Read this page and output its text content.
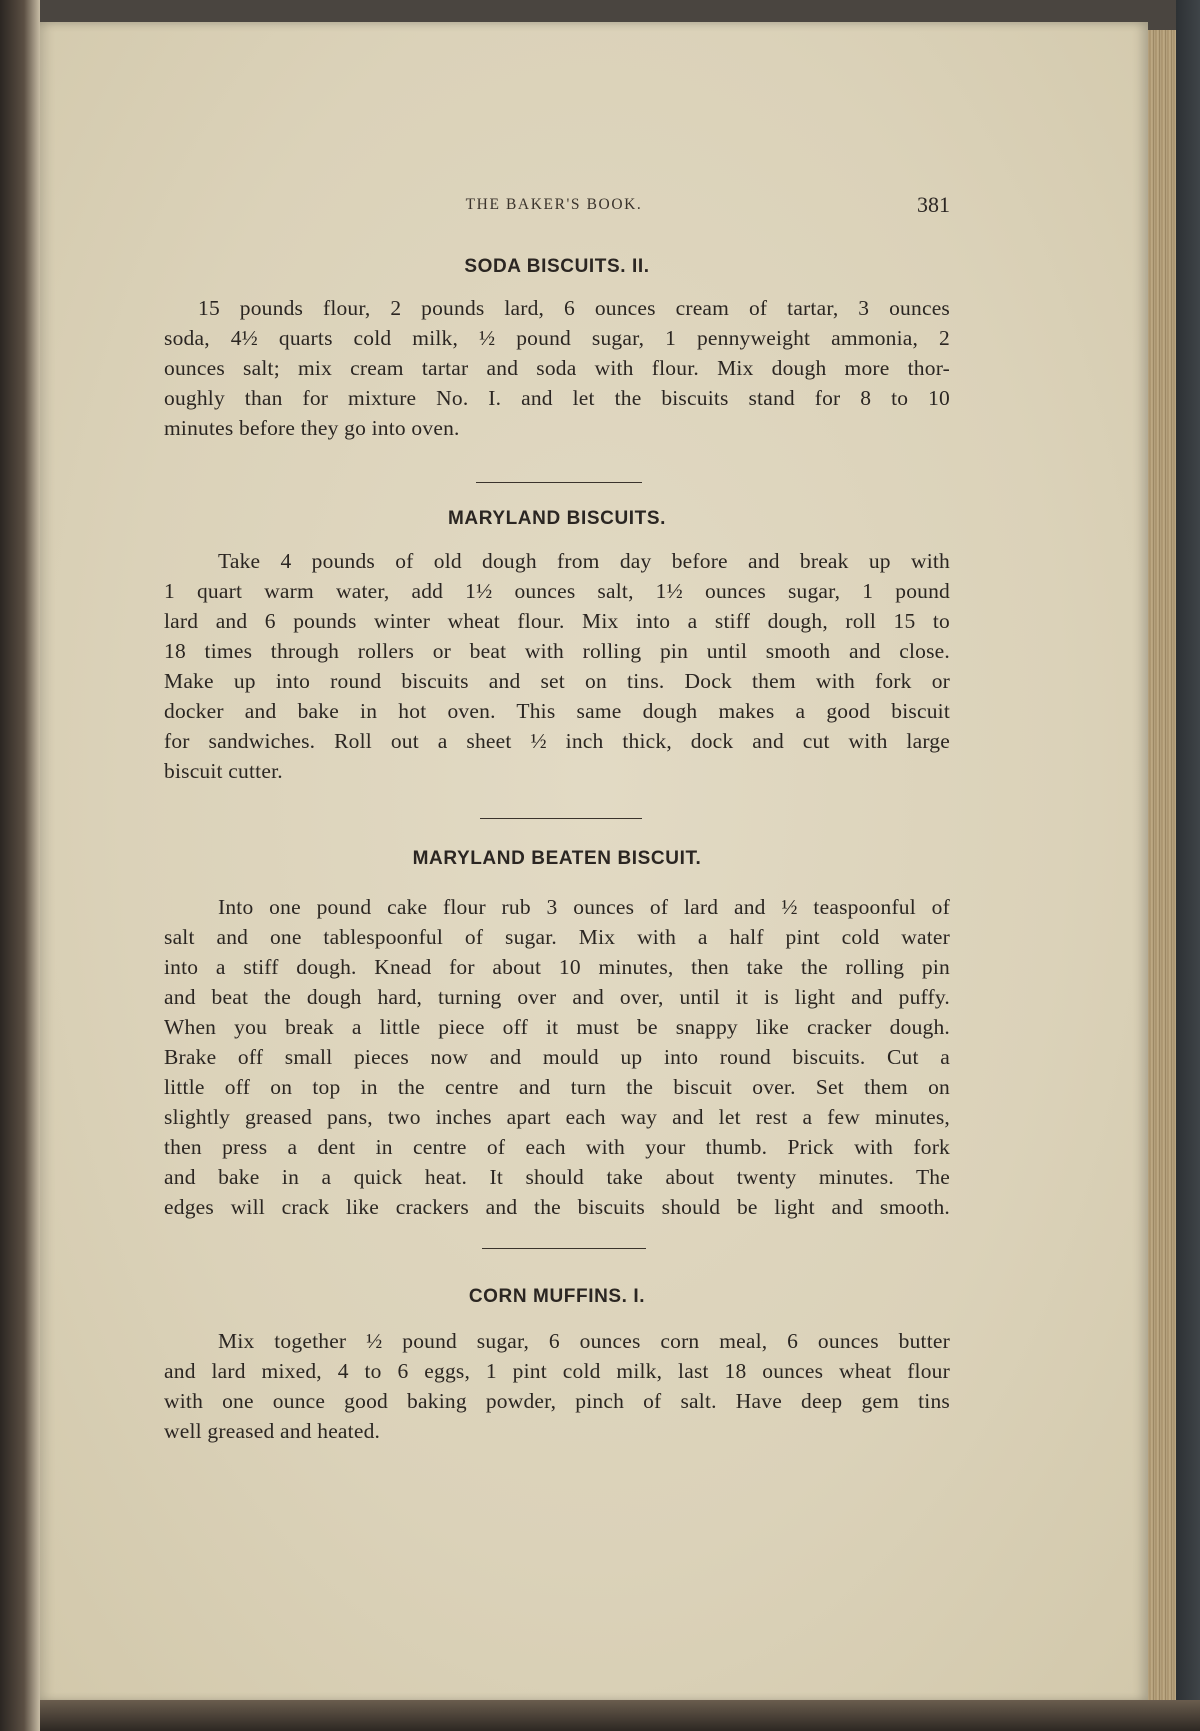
THE BAKER'S BOOK.	381
SODA BISCUITS. II.
15 pounds flour, 2 pounds lard, 6 ounces cream of tartar, 3 ounces
soda, 4½ quarts cold milk, ½ pound sugar, 1 pennyweight ammonia, 2
ounces salt; mix cream tartar and soda with flour. Mix dough more thor-
oughly than for mixture No. I. and let the biscuits stand for 8 to 10
minutes before they go into oven.
MARYLAND BISCUITS.
Take 4 pounds of old dough from day before and break up with
1 quart warm water, add 1½ ounces salt, 1½ ounces sugar, 1 pound
lard and 6 pounds winter wheat flour. Mix into a stiff dough, roll 15 to
18 times through rollers or beat with rolling pin until smooth and close.
Make up into round biscuits and set on tins. Dock them with fork or
docker and bake in hot oven. This same dough makes a good biscuit
for sandwiches. Roll out a sheet ½ inch thick, dock and cut with large
biscuit cutter.
MARYLAND BEATEN BISCUIT.
Into one pound cake flour rub 3 ounces of lard and ½ teaspoonful of
salt and one tablespoonful of sugar. Mix with a half pint cold water
into a stiff dough. Knead for about 10 minutes, then take the rolling pin
and beat the dough hard, turning over and over, until it is light and puffy.
When you break a little piece off it must be snappy like cracker dough.
Brake off small pieces now and mould up into round biscuits. Cut a
little off on top in the centre and turn the biscuit over. Set them on
slightly greased pans, two inches apart each way and let rest a few minutes,
then press a dent in centre of each with your thumb. Prick with fork
and bake in a quick heat. It should take about twenty minutes. The
edges will crack like crackers and the biscuits should be light and smooth.
CORN MUFFINS. I.
Mix together ½ pound sugar, 6 ounces corn meal, 6 ounces butter
and lard mixed, 4 to 6 eggs, 1 pint cold milk, last 18 ounces wheat flour
with one ounce good baking powder, pinch of salt. Have deep gem tins
well greased and heated.
